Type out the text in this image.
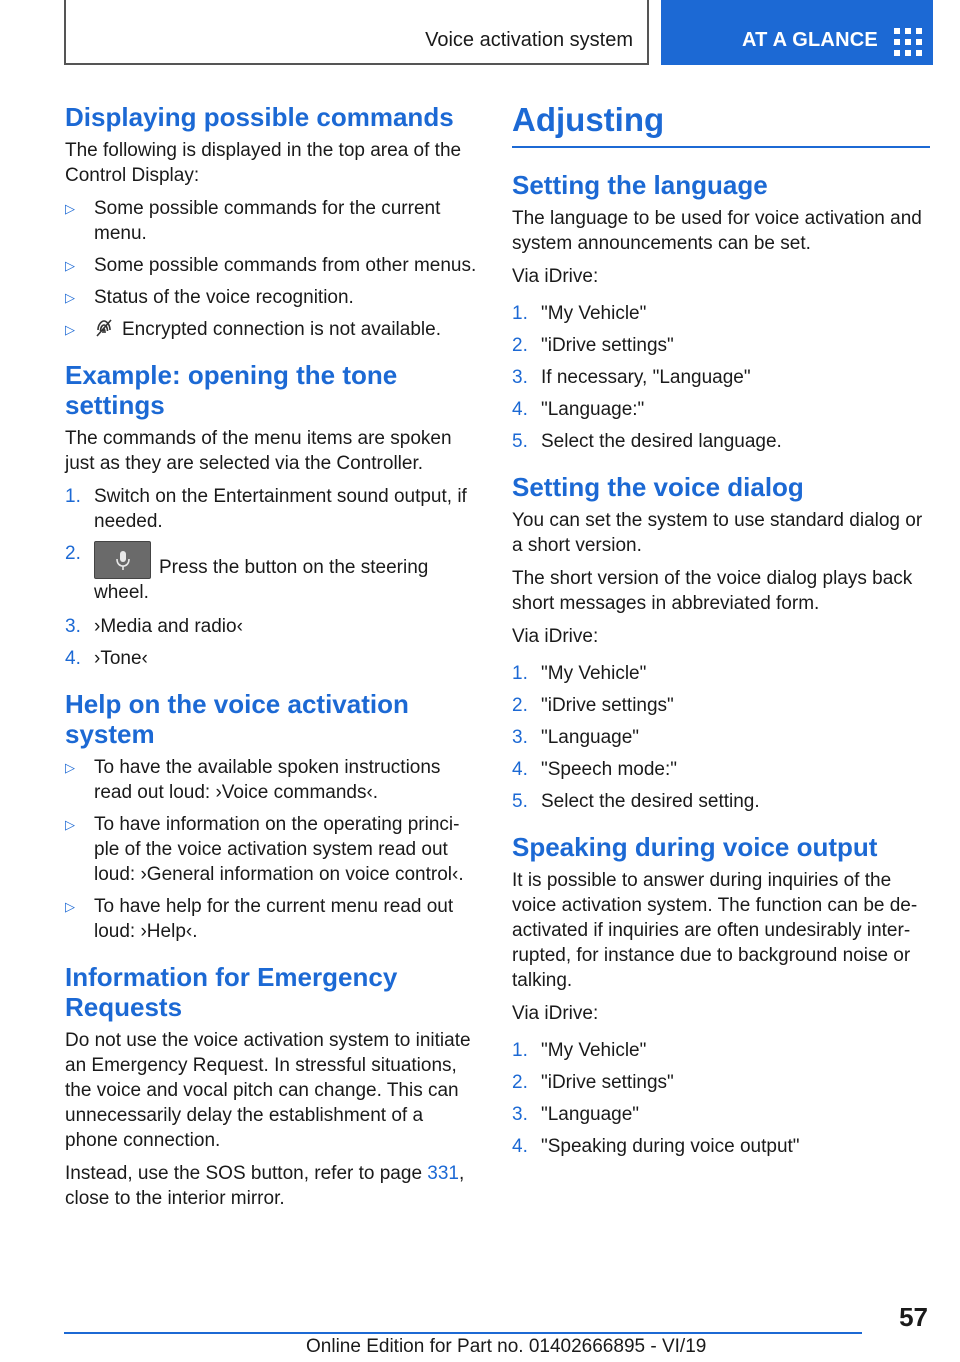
Voice activation system	AT A GLANCE
Displaying possible commands

The following is displayed in the top area of the Control Display:

▷ Some possible commands for the current menu.
▷ Some possible commands from other menus.
▷ Status of the voice recognition.
▷ Encrypted connection is not available.
Example: opening the tone settings

The commands of the menu items are spoken just as they are selected via the Controller.

1. Switch on the Entertainment sound output, if needed.
2.
Press the button on the steering wheel.
3. ›Media and radio‹
4. ›Tone‹
Help on the voice activation system
▷ To have the available spoken instructions read out loud: ›Voice commands‹.
▷ To have information on the operating principle of the voice activation system read out loud: ›General information on voice control‹.
▷ To have help for the current menu read out loud: ›Help‹.
Information for Emergency Requests

Do not use the voice activation system to initiate an Emergency Request. In stressful situations, the voice and vocal pitch can change. This can unnecessarily delay the establishment of a phone connection.

Instead, use the SOS button, refer to page 331, close to the interior mirror.

Adjusting
Setting the language

The language to be used for voice activation and system announcements can be set.

Via iDrive:

1. "My Vehicle"
2. "iDrive settings"
3. If necessary, "Language"
4. "Language:"
5. Select the desired language.
Setting the voice dialog

You can set the system to use standard dialog or a short version.

The short version of the voice dialog plays back short messages in abbreviated form.

Via iDrive:

1. "My Vehicle"
2. "iDrive settings"
3. "Language"
4. "Speech mode:"
5. Select the desired setting.
Speaking during voice output

It is possible to answer during inquiries of the voice activation system. The function can be deactivated if inquiries are often undesirably interrupted, for instance due to background noise or talking.

Via iDrive:

1. "My Vehicle"
2. "iDrive settings"
3. "Language"
4. "Speaking during voice output"
57
Online Edition for Part no. 01402666895 - VI/19
